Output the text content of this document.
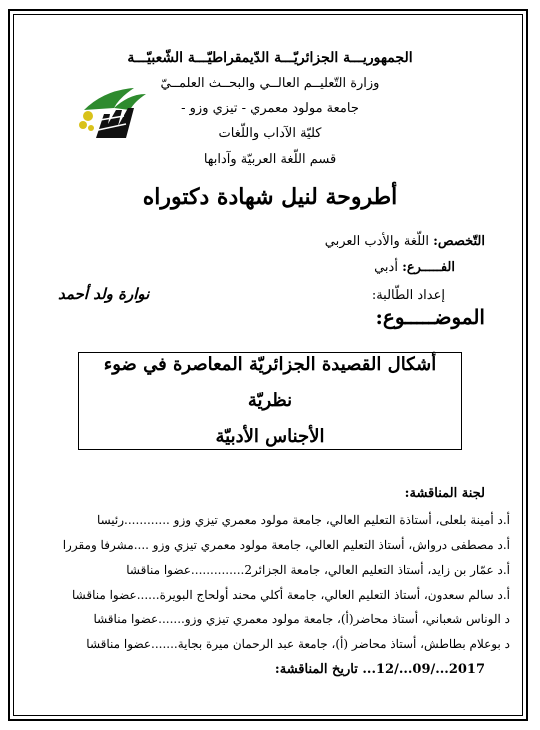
الجمهوريـــة الجزائريّـــة الدّيمقراطيّـــة الشّعبيّـــة
وزارة التّعليــم العالــي والبحــث العلمــيّ
جامعة مولود معمري - تيزي وزو -
كليّة الآداب واللّغات
قسم اللّغة العربيّة وآدابها
أطروحة لنيل شهادة دكتوراه
التّخصص: اللّغة والأدب العربي
الفـــــرع: أدبي
إعداد الطّالبة:
نوارة ولد أحمد
الموضـــــوع:
أشكال القصيدة الجزائريّة المعاصرة في ضوء نظريّة
الأجناس الأدبيّة
لجنة المناقشة:
أ.د أمينة بلعلى، أستاذة التعليم العالي، جامعة مولود معمري تيزي وزو ............رئيسا
أ.د مصطفى درواش، أستاذ التعليم العالي، جامعة مولود معمري تيزي وزو ....مشرفا ومقررا
أ.د عمّار بن زايد، أستاذ التعليم العالي، جامعة الجزائر2..............عضوا مناقشا
أ.د سالم سعدون، أستاذ التعليم العالي، جامعة أكلي محند أولحاج البويرة......عضوا مناقشا
د الوناس شعباني، أستاذ محاضر(أ)، جامعة مولود معمري تيزي وزو.......عضوا مناقشا
د بوعلام بطاطش، أستاذ محاضر (أ)، جامعة عبد الرحمان ميرة بجاية.......عضوا مناقشا
تاريخ المناقشة: ...12/...09/...2017
